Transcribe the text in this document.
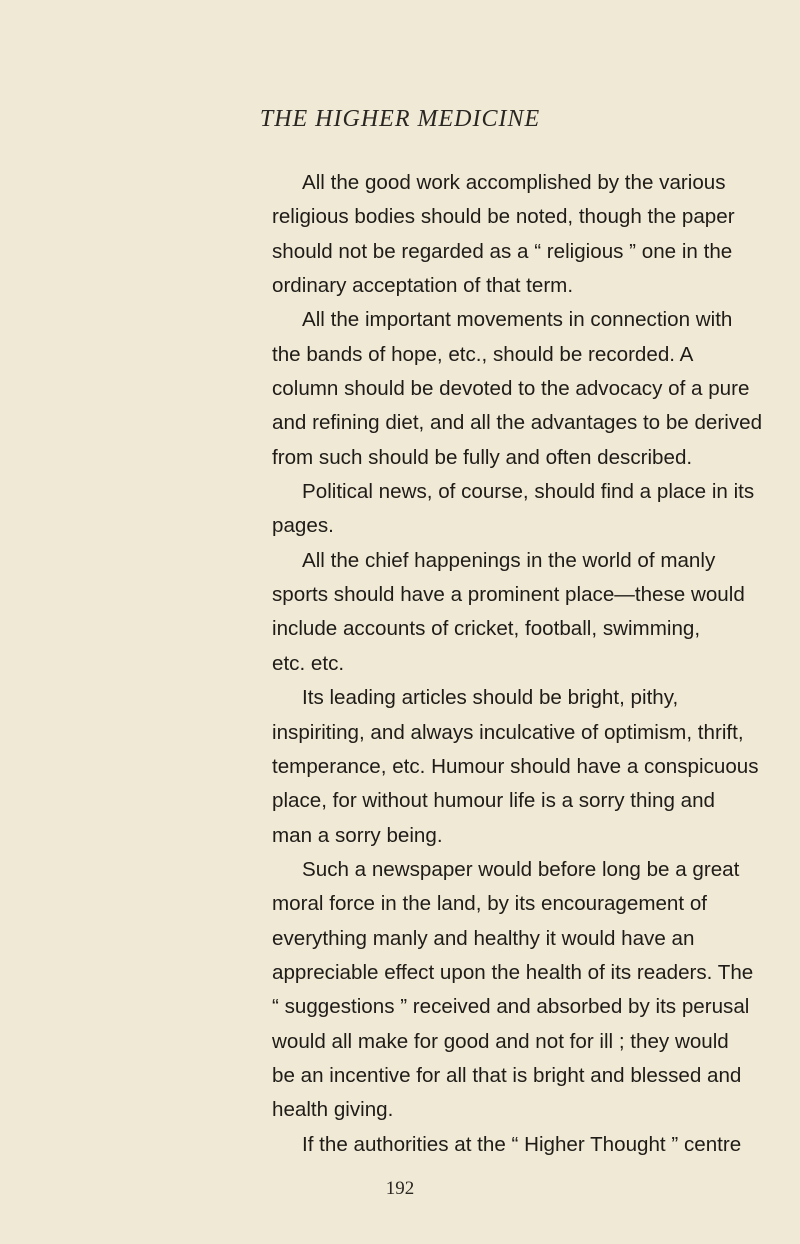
THE HIGHER MEDICINE

All the good work accomplished by the various
religious bodies should be noted, though the paper
should not be regarded as a “ religious ” one in the
ordinary acceptation of that term.

All the important movements in connection with
the bands of hope, etc., should be recorded. A
column should be devoted to the advocacy of a pure
and refining diet, and all the advantages to be derived
from such should be fully and often described.

Political news, of course, should find a place in its
pages.

All the chief happenings in the world of manly
sports should have a prominent place—these would
include accounts of cricket, football, swimming,
etc. etc.

Its leading articles should be bright, pithy,
inspiriting, and always inculcative of optimism, thrift,
temperance, etc. Humour should have a conspicuous
place, for without humour life is a sorry thing and
man a sorry being.

Such a newspaper would before long be a great
moral force in the land, by its encouragement of
everything manly and healthy it would have an
appreciable effect upon the health of its readers. The
“ suggestions ” received and absorbed by its perusal
would all make for good and not for ill ; they would
be an incentive for all that is bright and blessed and
health giving.

If the authorities at the “ Higher Thought ” centre

192
